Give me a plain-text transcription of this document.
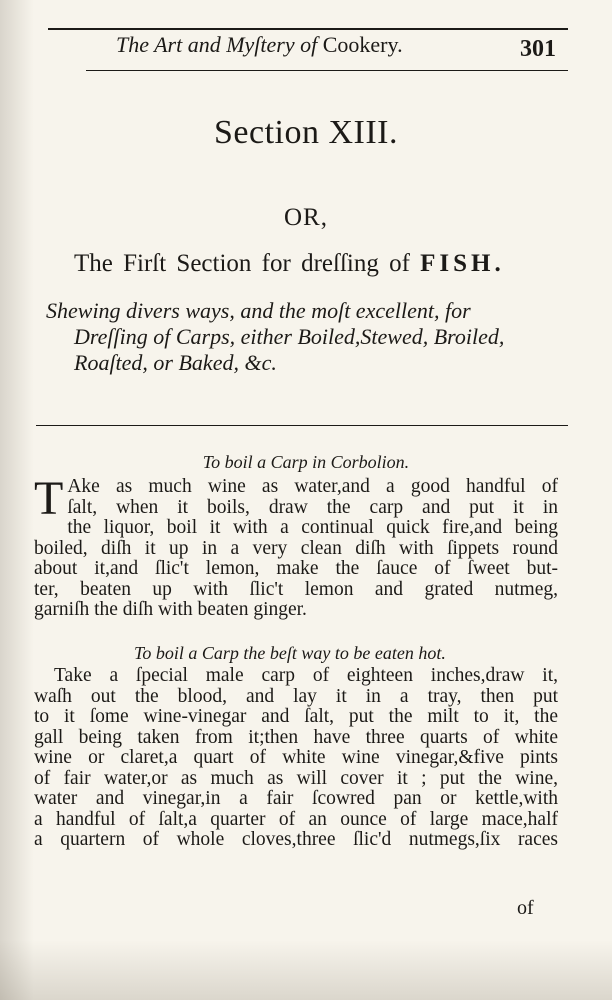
The Art and Myſtery of Cookery.	301
Section XIII.
OR,
The Firſt Section for dreſſing of FISH.
Shewing divers ways, and the moſt excellent, for
Dreſſing of Carps, either Boiled,Stewed, Broiled,
Roaſted, or Baked, &c.
To boil a Carp in Corbolion.
T Ake as much wine as water,and a good handful of
ſalt, when it boils, draw the carp and put it in
the liquor, boil it with a continual quick fire,and being
boiled, diſh it up in a very clean diſh with ſippets round
about it,and ſlic't lemon, make the ſauce of ſweet but-
ter, beaten up with ſlic't lemon and grated nutmeg,
garniſh the diſh with beaten ginger.
To boil a Carp the beſt way to be eaten hot.
Take a ſpecial male carp of eighteen inches,draw it,
waſh out the blood, and lay it in a tray, then put
to it ſome wine-vinegar and ſalt, put the milt to it, the
gall being taken from it;then have three quarts of white
wine or claret,a quart of white wine vinegar,&five pints
of fair water,or as much as will cover it ; put the wine,
water and vinegar,in a fair ſcowred pan or kettle,with
a handful of ſalt,a quarter of an ounce of large mace,half
a quartern of whole cloves,three ſlic'd nutmegs,ſix races
of
